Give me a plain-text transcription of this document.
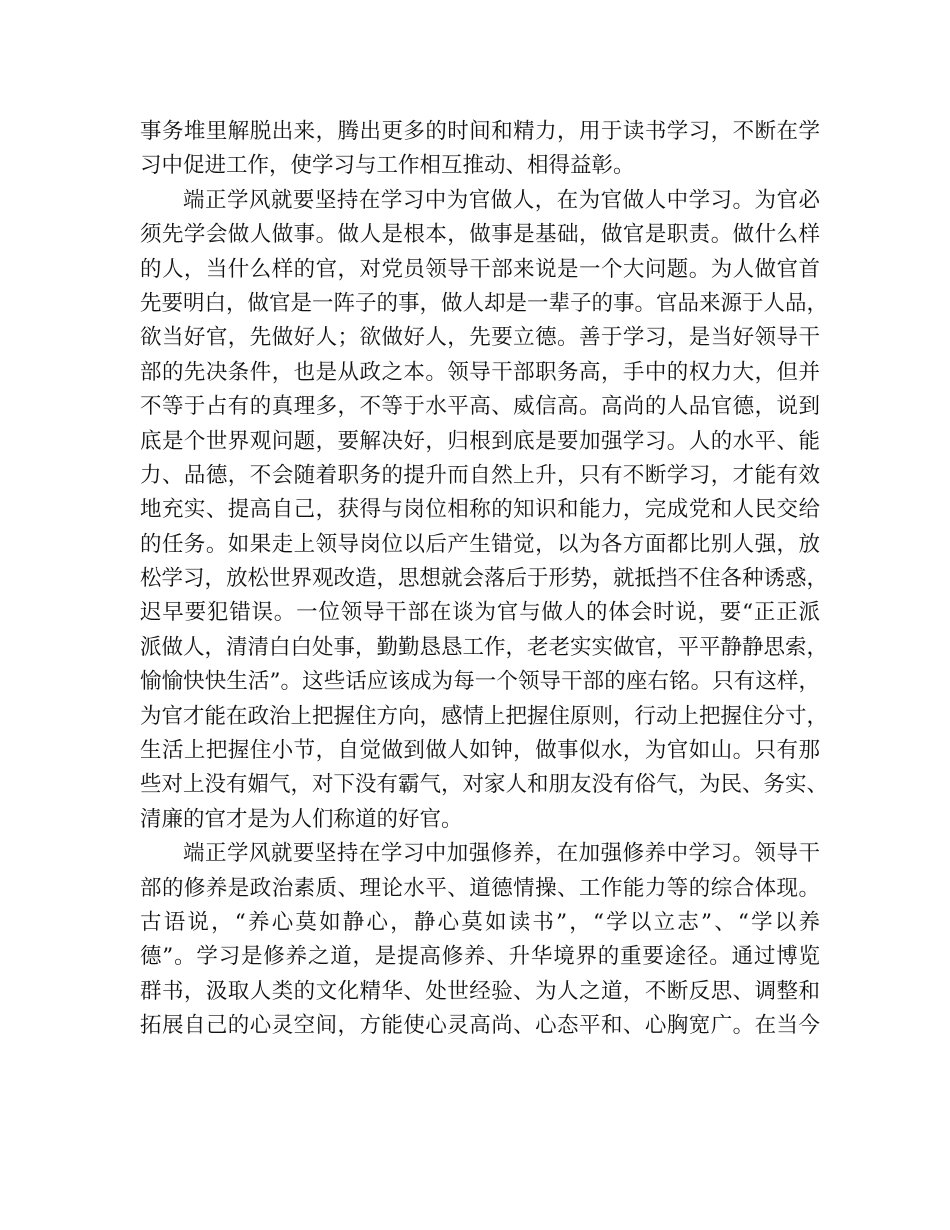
事务堆里解脱出来，腾出更多的时间和精力，用于读书学习，不断在学
习中促进工作，使学习与工作相互推动、相得益彰。
端正学风就要坚持在学习中为官做人，在为官做人中学习。为官必
须先学会做人做事。做人是根本，做事是基础，做官是职责。做什么样
的人，当什么样的官，对党员领导干部来说是一个大问题。为人做官首
先要明白，做官是一阵子的事，做人却是一辈子的事。官品来源于人品，
欲当好官，先做好人；欲做好人，先要立德。善于学习，是当好领导干
部的先决条件，也是从政之本。领导干部职务高，手中的权力大，但并
不等于占有的真理多，不等于水平高、威信高。高尚的人品官德，说到
底是个世界观问题，要解决好，归根到底是要加强学习。人的水平、能
力、品德，不会随着职务的提升而自然上升，只有不断学习，才能有效
地充实、提高自己，获得与岗位相称的知识和能力，完成党和人民交给
的任务。如果走上领导岗位以后产生错觉，以为各方面都比别人强，放
松学习，放松世界观改造，思想就会落后于形势，就抵挡不住各种诱惑，
迟早要犯错误。一位领导干部在谈为官与做人的体会时说，要“正正派
派做人，清清白白处事，勤勤恳恳工作，老老实实做官，平平静静思索，
愉愉快快生活”。这些话应该成为每一个领导干部的座右铭。只有这样，
为官才能在政治上把握住方向，感情上把握住原则，行动上把握住分寸，
生活上把握住小节，自觉做到做人如钟，做事似水，为官如山。只有那
些对上没有媚气，对下没有霸气，对家人和朋友没有俗气，为民、务实、
清廉的官才是为人们称道的好官。
端正学风就要坚持在学习中加强修养，在加强修养中学习。领导干
部的修养是政治素质、理论水平、道德情操、工作能力等的综合体现。
古语说，“养心莫如静心，静心莫如读书”，“学以立志”、“学以养
德”。学习是修养之道，是提高修养、升华境界的重要途径。通过博览
群书，汲取人类的文化精华、处世经验、为人之道，不断反思、调整和
拓展自己的心灵空间，方能使心灵高尚、心态平和、心胸宽广。在当今
